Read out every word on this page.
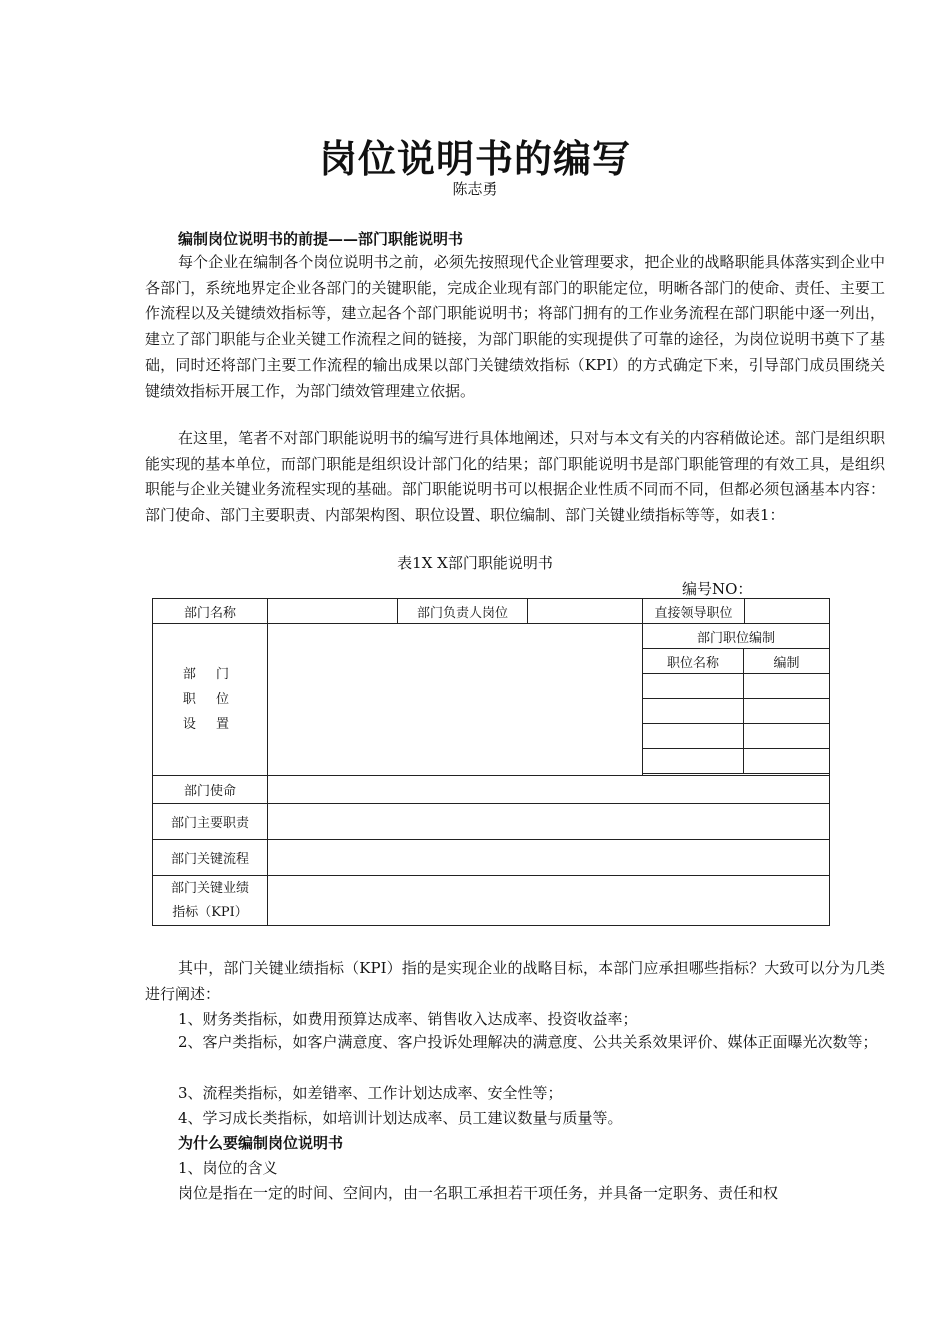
岗位说明书的编写
陈志勇
编制岗位说明书的前提——部门职能说明书
每个企业在编制各个岗位说明书之前，必须先按照现代企业管理要求，把企业的战略职能具体落实到企业中各部门，系统地界定企业各部门的关键职能，完成企业现有部门的职能定位，明晰各部门的使命、责任、主要工作流程以及关键绩效指标等，建立起各个部门职能说明书；将部门拥有的工作业务流程在部门职能中逐一列出，建立了部门职能与企业关键工作流程之间的链接，为部门职能的实现提供了可靠的途径，为岗位说明书奠下了基础，同时还将部门主要工作流程的输出成果以部门关键绩效指标（KPI）的方式确定下来，引导部门成员围绕关键绩效指标开展工作，为部门绩效管理建立依据。
在这里，笔者不对部门职能说明书的编写进行具体地阐述，只对与本文有关的内容稍做论述。部门是组织职能实现的基本单位，而部门职能是组织设计部门化的结果；部门职能说明书是部门职能管理的有效工具，是组织职能与企业关键业务流程实现的基础。部门职能说明书可以根据企业性质不同而不同，但都必须包涵基本内容：部门使命、部门主要职责、内部架构图、职位设置、职位编制、部门关键业绩指标等等，如表1：
表1X X部门职能说明书
编号NO：
部门名称		部门负责人岗位		直接领导职位	

部 门
职 位
设 置

部门职位编制
职位名称	编制

部门使命	
部门主要职责	
部门关键流程	

部门关键业绩
指标（KPI）

其中，部门关键业绩指标（KPI）指的是实现企业的战略目标，本部门应承担哪些指标？大致可以分为几类进行阐述：
1、财务类指标，如费用预算达成率、销售收入达成率、投资收益率；
2、客户类指标，如客户满意度、客户投诉处理解决的满意度、公共关系效果评价、媒体正面曝光次数等；
3、流程类指标，如差错率、工作计划达成率、安全性等；
4、学习成长类指标，如培训计划达成率、员工建议数量与质量等。
为什么要编制岗位说明书
1、岗位的含义
岗位是指在一定的时间、空间内，由一名职工承担若干项任务，并具备一定职务、责任和权
